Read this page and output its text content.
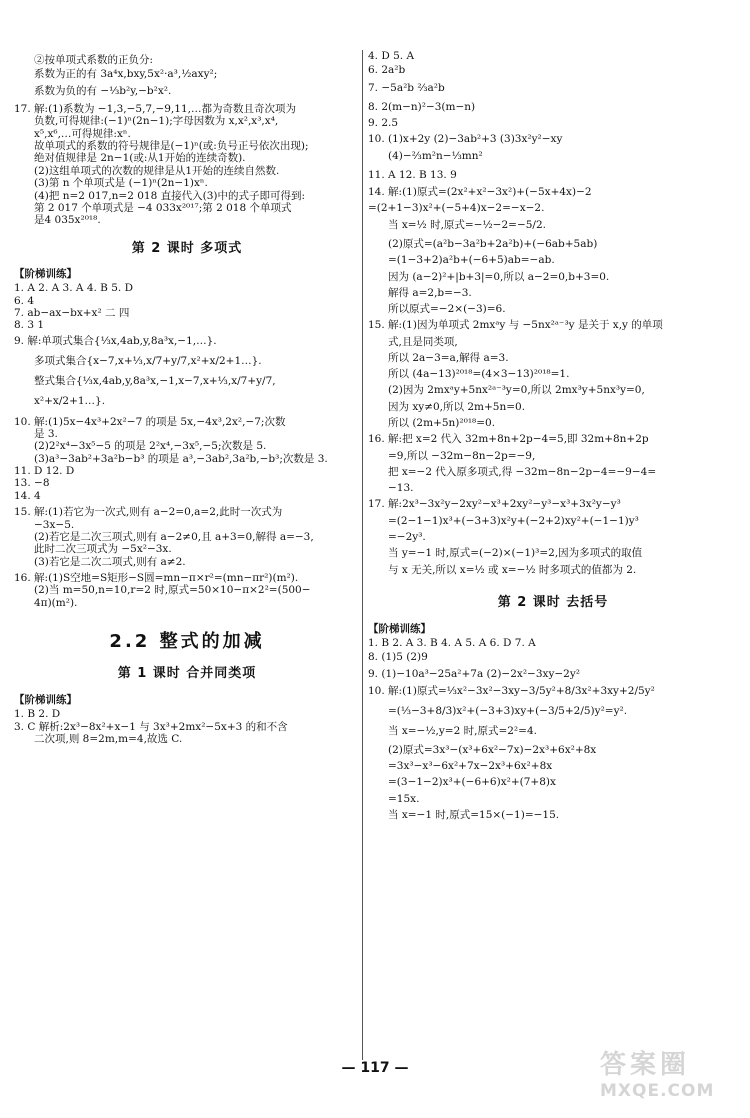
②按单项式系数的正负分:
系数为正的有 3a⁴x,bxy,5x²·a³,½axy²;
系数为负的有 −⅓b²y,−b²x².
17. 解:(1)系数为 −1,3,−5,7,−9,11,…都为奇数且奇次项为
负数,可得规律:(−1)ⁿ(2n−1);字母因数为 x,x²,x³,x⁴,
x⁵,x⁶,…可得规律:xⁿ.
故单项式的系数的符号规律是(−1)ⁿ(或:负号正号依次出现);
绝对值规律是 2n−1(或:从1开始的连续奇数).
(2)这组单项式的次数的规律是从1开始的连续自然数.
(3)第 n 个单项式是 (−1)ⁿ(2n−1)xⁿ.
(4)把 n=2 017,n=2 018 直接代入(3)中的式子即可得到:
第 2 017 个单项式是 −4 033x²⁰¹⁷;第 2 018 个单项式
是4 035x²⁰¹⁸.
第 2 课时 多项式
【阶梯训练】
1. A 2. A 3. A 4. B 5. D
6. 4
7. ab−ax−bx+x² 二 四
8. 3 1
9. 解:单项式集合{⅓x,4ab,y,8a³x,−1,…}.
多项式集合{x−7,x+⅓,x/7+y/7,x²+x/2+1…}.
整式集合{⅓x,4ab,y,8a³x,−1,x−7,x+⅓,x/7+y/7,
x²+x/2+1…}.
10. 解:(1)5x−4x³+2x²−7 的项是 5x,−4x³,2x²,−7;次数
是 3.
(2)2²x⁴−3x⁵−5 的项是 2²x⁴,−3x⁵,−5;次数是 5.
(3)a³−3ab²+3a²b−b³ 的项是 a³,−3ab²,3a²b,−b³;次数是 3.
11. D 12. D
13. −8
14. 4
15. 解:(1)若它为一次式,则有 a−2=0,a=2,此时一次式为
−3x−5.
(2)若它是二次三项式,则有 a−2≠0,且 a+3=0,解得 a=−3,
此时二次三项式为 −5x²−3x.
(3)若它是二次二项式,则有 a≠2.
16. 解:(1)S空地=S矩形−S圆=mn−π×r²=(mn−πr²)(m²).
(2)当 m=50,n=10,r=2 时,原式=50×10−π×2²=(500−
4π)(m²).
2.2 整式的加减
第 1 课时 合并同类项
【阶梯训练】
1. B 2. D
3. C 解析:2x³−8x²+x−1 与 3x³+2mx²−5x+3 的和不含
二次项,则 8=2m,m=4,故选 C.
4. D 5. A
6. 2a²b
7. −5a²b ⅔a²b
8. 2(m−n)²−3(m−n)
9. 2.5
10. (1)x+2y (2)−3ab²+3 (3)3x²y²−xy
(4)−⅔m²n−⅓mn²
11. A 12. B 13. 9
14. 解:(1)原式=(2x²+x²−3x²)+(−5x+4x)−2
=(2+1−3)x²+(−5+4)x−2=−x−2.
当 x=½ 时,原式=−½−2=−5/2.
(2)原式=(a²b−3a²b+2a²b)+(−6ab+5ab)
=(1−3+2)a²b+(−6+5)ab=−ab.
因为 (a−2)²+|b+3|=0,所以 a−2=0,b+3=0.
解得 a=2,b=−3.
所以原式=−2×(−3)=6.
15. 解:(1)因为单项式 2mxᵃy 与 −5nx²ᵃ⁻³y 是关于 x,y 的单项
式,且是同类项,
所以 2a−3=a,解得 a=3.
所以 (4a−13)²⁰¹⁸=(4×3−13)²⁰¹⁸=1.
(2)因为 2mxᵃy+5nx²ᵃ⁻³y=0,所以 2mx³y+5nx³y=0,
因为 xy≠0,所以 2m+5n=0.
所以 (2m+5n)²⁰¹⁸=0.
16. 解:把 x=2 代入 32m+8n+2p−4=5,即 32m+8n+2p
=9,所以 −32m−8n−2p=−9,
把 x=−2 代入原多项式,得 −32m−8n−2p−4=−9−4=
−13.
17. 解:2x³−3x²y−2xy²−x³+2xy²−y³−x³+3x²y−y³
=(2−1−1)x³+(−3+3)x²y+(−2+2)xy²+(−1−1)y³
=−2y³.
当 y=−1 时,原式=(−2)×(−1)³=2,因为多项式的取值
与 x 无关,所以 x=½ 或 x=−½ 时多项式的值都为 2.
第 2 课时 去括号
【阶梯训练】
1. B 2. A 3. B 4. A 5. A 6. D 7. A
8. (1)5 (2)9
9. (1)−10a³−25a²+7a (2)−2x²−3xy−2y²
10. 解:(1)原式=⅓x²−3x²−3xy−3/5y²+8/3x²+3xy+2/5y²
=(⅓−3+8/3)x²+(−3+3)xy+(−3/5+2/5)y²=y².
当 x=−½,y=2 时,原式=2²=4.
(2)原式=3x³−(x³+6x²−7x)−2x³+6x²+8x
=3x³−x³−6x²+7x−2x³+6x²+8x
=(3−1−2)x³+(−6+6)x²+(7+8)x
=15x.
当 x=−1 时,原式=15×(−1)=−15.
— 117 —	答案圈
MXQE.COM
